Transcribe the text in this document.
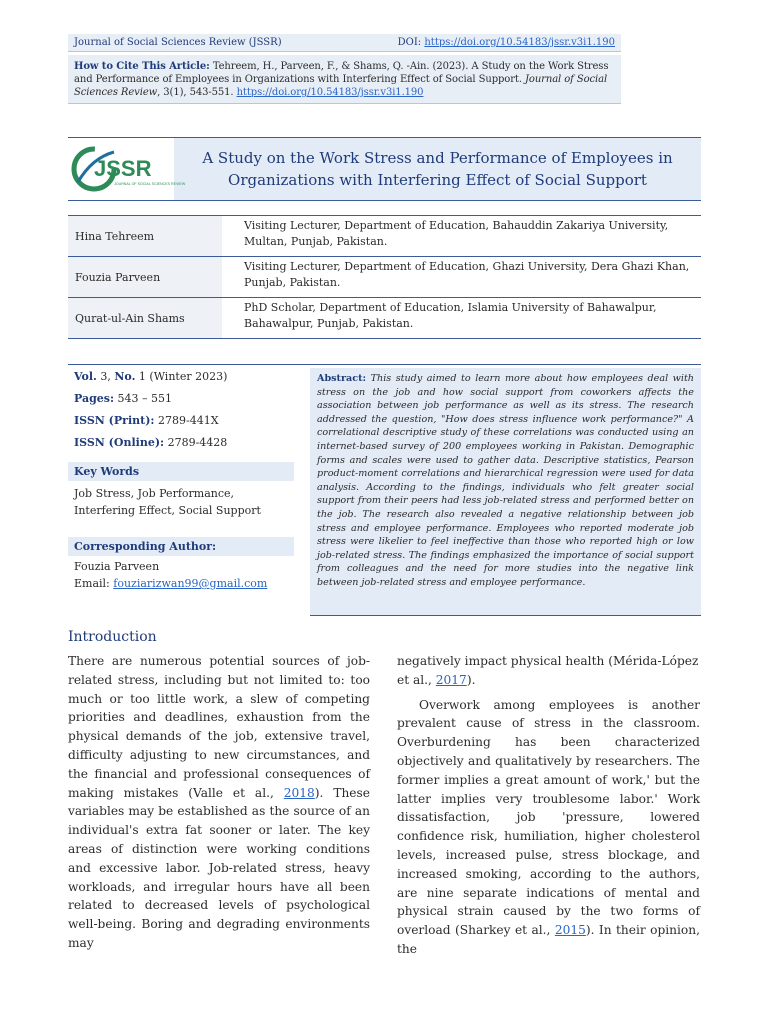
Journal of Social Sciences Review (JSSR)	DOI: https://doi.org/10.54183/jssr.v3i1.190
How to Cite This Article: Tehreem, H., Parveen, F., & Shams, Q. -Ain. (2023). A Study on the Work Stress and Performance of Employees in Organizations with Interfering Effect of Social Support. Journal of Social Sciences Review, 3(1), 543-551. https://doi.org/10.54183/jssr.v3i1.190
JSSR
JOURNAL OF SOCIAL SCIENCES REVIEW
A Study on the Work Stress and Performance of Employees in Organizations with Interfering Effect of Social Support
Hina Tehreem
Visiting Lecturer, Department of Education, Bahauddin Zakariya University, Multan, Punjab, Pakistan.
Fouzia Parveen
Visiting Lecturer, Department of Education, Ghazi University, Dera Ghazi Khan, Punjab, Pakistan.
Qurat-ul-Ain Shams
PhD Scholar, Department of Education, Islamia University of Bahawalpur, Bahawalpur, Punjab, Pakistan.
Vol. 3, No. 1 (Winter 2023)
Pages: 543 – 551
ISSN (Print): 2789-441X
ISSN (Online): 2789-4428
Key Words
Job Stress, Job Performance, Interfering Effect, Social Support
Corresponding Author:
Fouzia Parveen
Email: fouziarizwan99@gmail.com
Abstract: This study aimed to learn more about how employees deal with stress on the job and how social support from coworkers affects the association between job performance as well as its stress. The research addressed the question, "How does stress influence work performance?" A correlational descriptive study of these correlations was conducted using an internet-based survey of 200 employees working in Pakistan. Demographic forms and scales were used to gather data. Descriptive statistics, Pearson product-moment correlations and hierarchical regression were used for data analysis. According to the findings, individuals who felt greater social support from their peers had less job-related stress and performed better on the job. The research also revealed a negative relationship between job stress and employee performance. Employees who reported moderate job stress were likelier to feel ineffective than those who reported high or low job-related stress. The findings emphasized the importance of social support from colleagues and the need for more studies into the negative link between job-related stress and employee performance.
Introduction

There are numerous potential sources of job-related stress, including but not limited to: too much or too little work, a slew of competing priorities and deadlines, exhaustion from the physical demands of the job, extensive travel, difficulty adjusting to new circumstances, and the financial and professional consequences of making mistakes (Valle et al., 2018). These variables may be established as the source of an individual's extra fat sooner or later. The key areas of distinction were working conditions and excessive labor. Job-related stress, heavy workloads, and irregular hours have all been related to decreased levels of psychological well-being. Boring and degrading environments may

negatively impact physical health (Mérida-López et al., 2017).

Overwork among employees is another prevalent cause of stress in the classroom. Overburdening has been characterized objectively and qualitatively by researchers. The former implies a great amount of work,' but the latter implies very troublesome labor.' Work dissatisfaction, job 'pressure, lowered confidence risk, humiliation, higher cholesterol levels, increased pulse, stress blockage, and increased smoking, according to the authors, are nine separate indications of mental and physical strain caused by the two forms of overload (Sharkey et al., 2015). In their opinion, the
